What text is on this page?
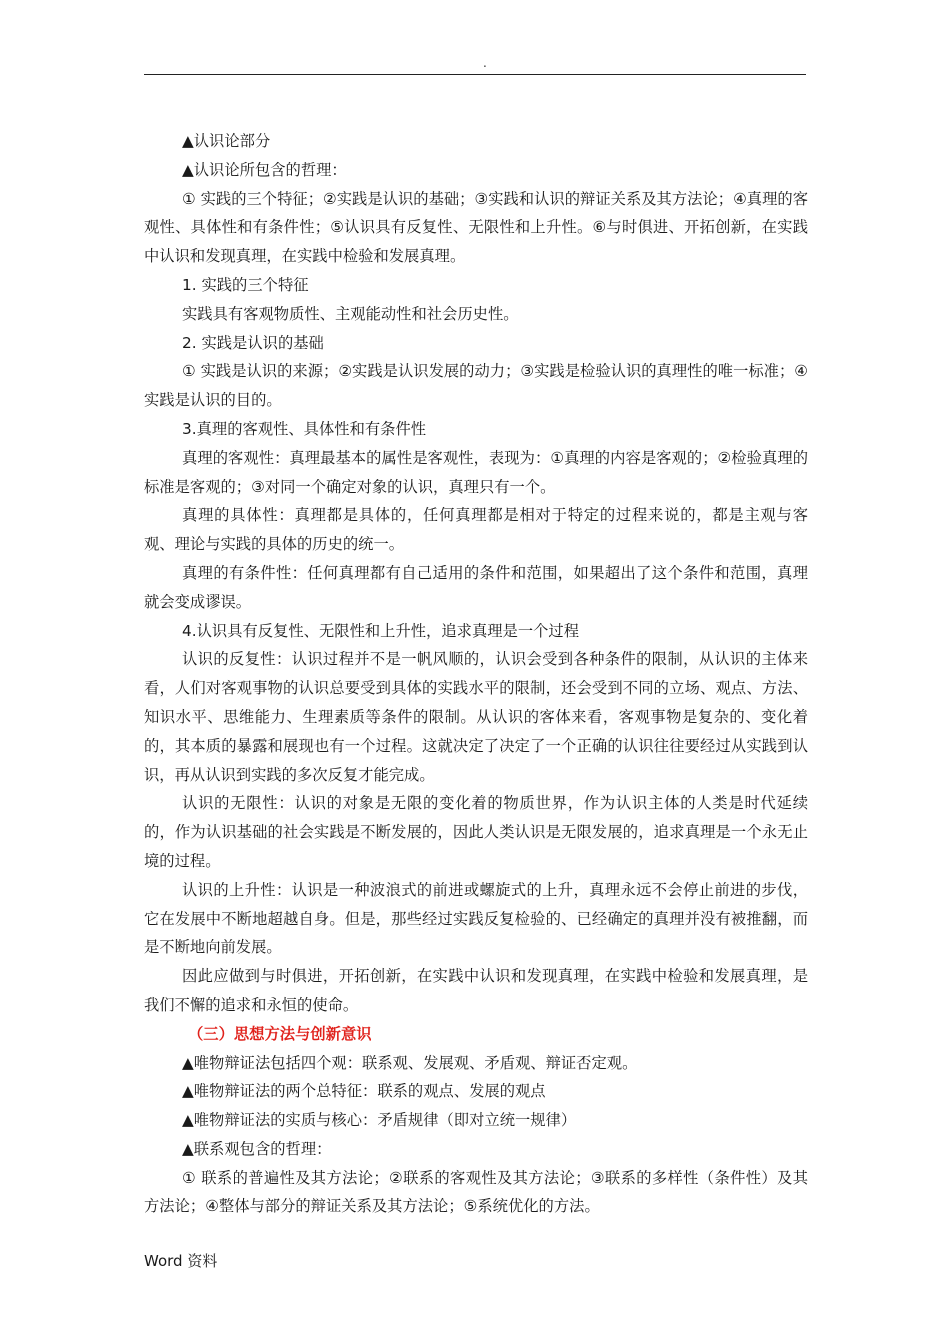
.

▲认识论部分

▲认识论所包含的哲理：

① 实践的三个特征；②实践是认识的基础；③实践和认识的辩证关系及其方法论；④真理的客观性、具体性和有条件性；⑤认识具有反复性、无限性和上升性。⑥与时俱进、开拓创新，在实践中认识和发现真理，在实践中检验和发展真理。

1. 实践的三个特征

实践具有客观物质性、主观能动性和社会历史性。

2. 实践是认识的基础

① 实践是认识的来源；②实践是认识发展的动力；③实践是检验认识的真理性的唯一标准；④实践是认识的目的。

3.真理的客观性、具体性和有条件性

真理的客观性：真理最基本的属性是客观性，表现为：①真理的内容是客观的；②检验真理的标准是客观的；③对同一个确定对象的认识，真理只有一个。

真理的具体性：真理都是具体的，任何真理都是相对于特定的过程来说的，都是主观与客观、理论与实践的具体的历史的统一。

真理的有条件性：任何真理都有自己适用的条件和范围，如果超出了这个条件和范围，真理就会变成谬误。

4.认识具有反复性、无限性和上升性，追求真理是一个过程

认识的反复性：认识过程并不是一帆风顺的，认识会受到各种条件的限制，从认识的主体来看，人们对客观事物的认识总要受到具体的实践水平的限制，还会受到不同的立场、观点、方法、知识水平、思维能力、生理素质等条件的限制。从认识的客体来看，客观事物是复杂的、变化着的，其本质的暴露和展现也有一个过程。这就决定了决定了一个正确的认识往往要经过从实践到认识，再从认识到实践的多次反复才能完成。

认识的无限性：认识的对象是无限的变化着的物质世界，作为认识主体的人类是时代延续的，作为认识基础的社会实践是不断发展的，因此人类认识是无限发展的，追求真理是一个永无止境的过程。

认识的上升性：认识是一种波浪式的前进或螺旋式的上升，真理永远不会停止前进的步伐，它在发展中不断地超越自身。但是，那些经过实践反复检验的、已经确定的真理并没有被推翻，而是不断地向前发展。

因此应做到与时俱进，开拓创新，在实践中认识和发现真理，在实践中检验和发展真理，是我们不懈的追求和永恒的使命。

（三）思想方法与创新意识

▲唯物辩证法包括四个观：联系观、发展观、矛盾观、辩证否定观。

▲唯物辩证法的两个总特征：联系的观点、发展的观点

▲唯物辩证法的实质与核心：矛盾规律（即对立统一规律）

▲联系观包含的哲理：

① 联系的普遍性及其方法论；②联系的客观性及其方法论；③联系的多样性（条件性）及其方法论；④整体与部分的辩证关系及其方法论；⑤系统优化的方法。

Word 资料
